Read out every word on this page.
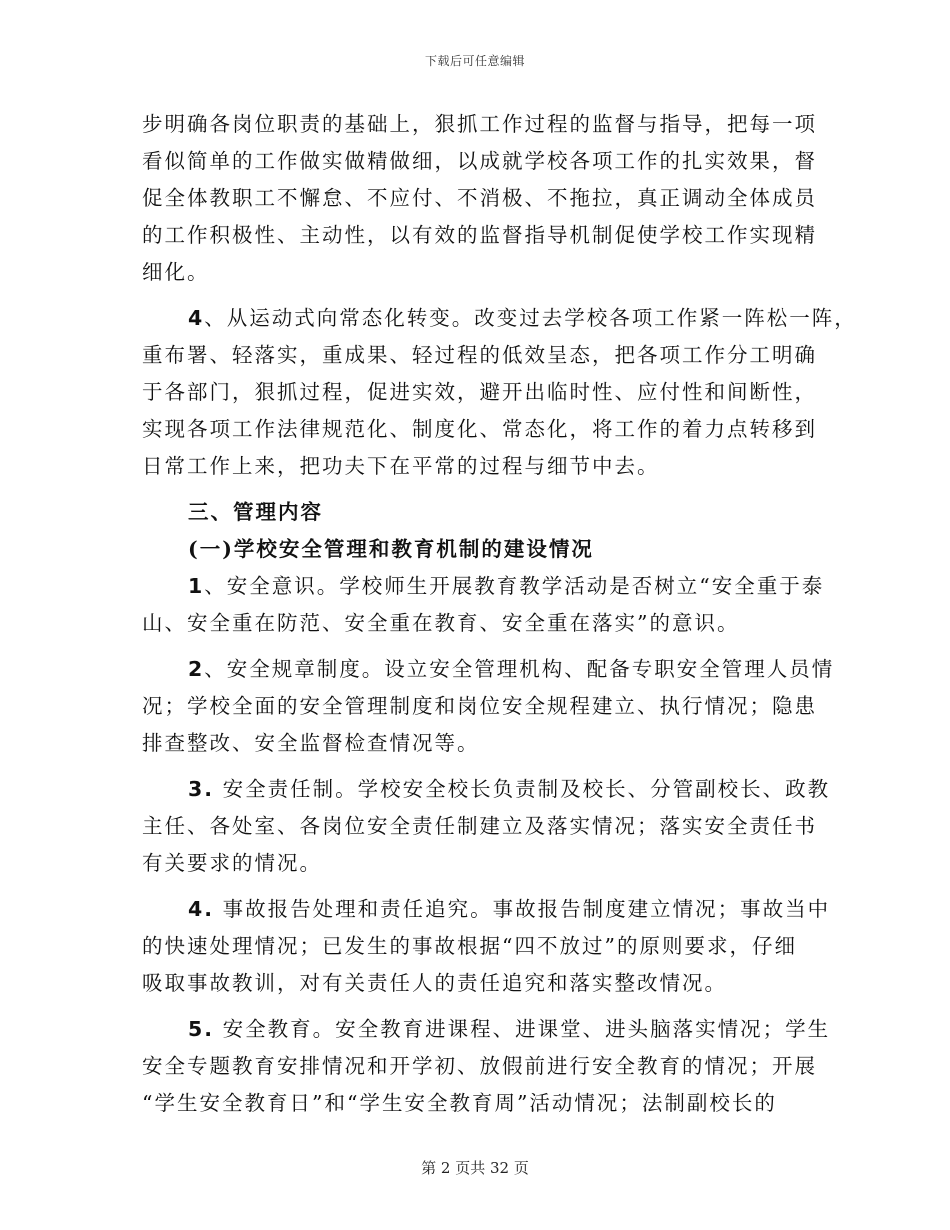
下载后可任意编辑
步明确各岗位职责的基础上，狠抓工作过程的监督与指导，把每一项
看似简单的工作做实做精做细，以成就学校各项工作的扎实效果，督
促全体教职工不懈怠、不应付、不消极、不拖拉，真正调动全体成员
的工作积极性、主动性，以有效的监督指导机制促使学校工作实现精
细化。
4、从运动式向常态化转变。改变过去学校各项工作紧一阵松一阵，
重布署、轻落实，重成果、轻过程的低效呈态，把各项工作分工明确
于各部门，狠抓过程，促进实效，避开出临时性、应付性和间断性，
实现各项工作法律规范化、制度化、常态化，将工作的着力点转移到
日常工作上来，把功夫下在平常的过程与细节中去。
三、管理内容
(一)学校安全管理和教育机制的建设情况
1、安全意识。学校师生开展教育教学活动是否树立“安全重于泰
山、安全重在防范、安全重在教育、安全重在落实”的意识。
2、安全规章制度。设立安全管理机构、配备专职安全管理人员情
况；学校全面的安全管理制度和岗位安全规程建立、执行情况；隐患
排查整改、安全监督检查情况等。
3. 安全责任制。学校安全校长负责制及校长、分管副校长、政教
主任、各处室、各岗位安全责任制建立及落实情况；落实安全责任书
有关要求的情况。
4. 事故报告处理和责任追究。事故报告制度建立情况；事故当中
的快速处理情况；已发生的事故根据“四不放过”的原则要求，仔细
吸取事故教训，对有关责任人的责任追究和落实整改情况。
5. 安全教育。安全教育进课程、进课堂、进头脑落实情况；学生
安全专题教育安排情况和开学初、放假前进行安全教育的情况；开展
“学生安全教育日”和“学生安全教育周”活动情况；法制副校长的
第 2 页共 32 页
